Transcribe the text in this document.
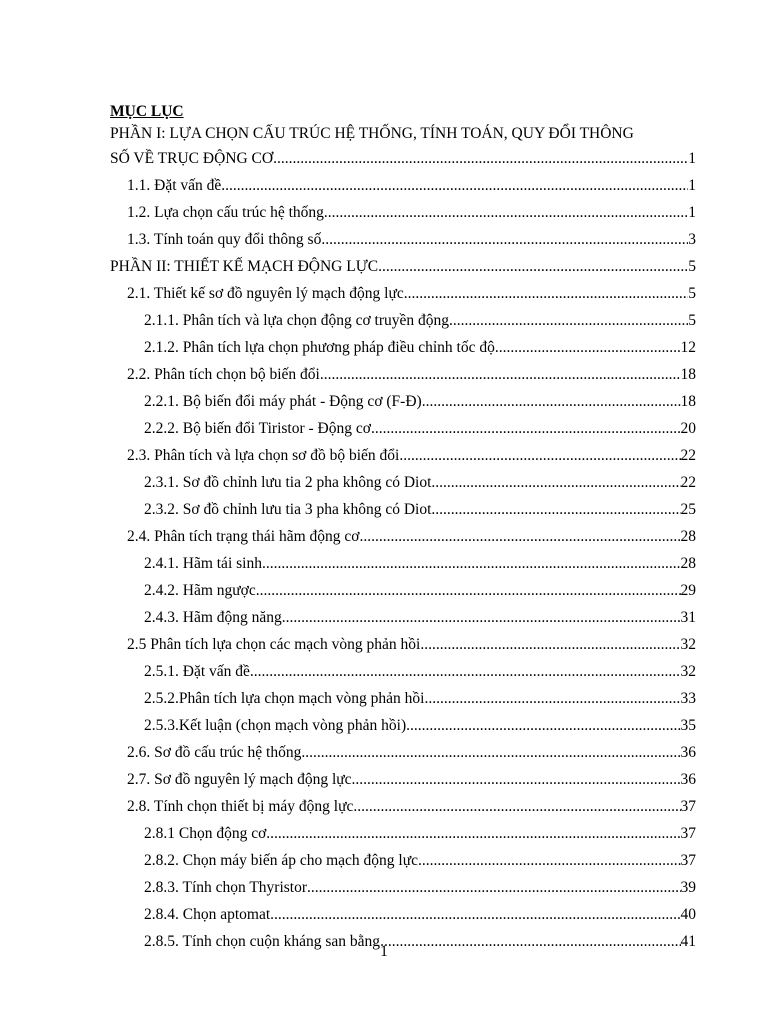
MỤC LỤC
PHẦN I: LỰA CHỌN CẤU TRÚC HỆ THỐNG, TÍNH TOÁN, QUY ĐỔI THÔNG
SỐ VỀ TRỤC ĐỘNG CƠ .....	1
1.1. Đặt vấn đề .....	1
1.2. Lựa chọn cấu trúc hệ thống .....	1
1.3. Tính toán quy đổi thông số .....	3
PHẦN II: THIẾT KẾ MẠCH ĐỘNG LỰC .....	5
2.1. Thiết kế sơ đồ nguyên lý mạch động lực .....	5
2.1.1. Phân tích và lựa chọn động cơ truyền động .....	5
2.1.2. Phân tích lựa chọn phương pháp điều chỉnh tốc độ .....	12
2.2. Phân tích chọn bộ biến đổi .....	18
2.2.1. Bộ biến đổi máy phát - Động cơ (F-Đ) .....	18
2.2.2. Bộ biến đổi Tiristor - Động cơ .....	20
2.3. Phân tích và lựa chọn sơ đồ bộ biến đổi .....	22
2.3.1. Sơ đồ chỉnh lưu tia 2 pha không có Diot .....	22
2.3.2. Sơ đồ chỉnh lưu tia 3 pha không có Diot .....	25
2.4. Phân tích trạng thái hãm động cơ .....	28
2.4.1. Hãm tái sinh .....	28
2.4.2. Hãm ngược .....	29
2.4.3. Hãm động năng .....	31
2.5 Phân tích lựa chọn các mạch vòng phản hồi .....	32
2.5.1. Đặt vấn đề .....	32
2.5.2.Phân tích lựa chọn mạch vòng phản hồi .....	33
2.5.3.Kết luận (chọn mạch vòng phản hồi) .....	35
2.6. Sơ đồ cấu trúc hệ thống .....	36
2.7. Sơ đồ nguyên lý mạch động lực .....	36
2.8. Tính chọn thiết bị máy động lực .....	37
2.8.1 Chọn động cơ .....	37
2.8.2. Chọn máy biến áp cho mạch động lực .....	37
2.8.3. Tính chọn Thyristor .....	39
2.8.4. Chọn aptomat .....	40
2.8.5. Tính chọn cuộn kháng san bằng .....	41
1
